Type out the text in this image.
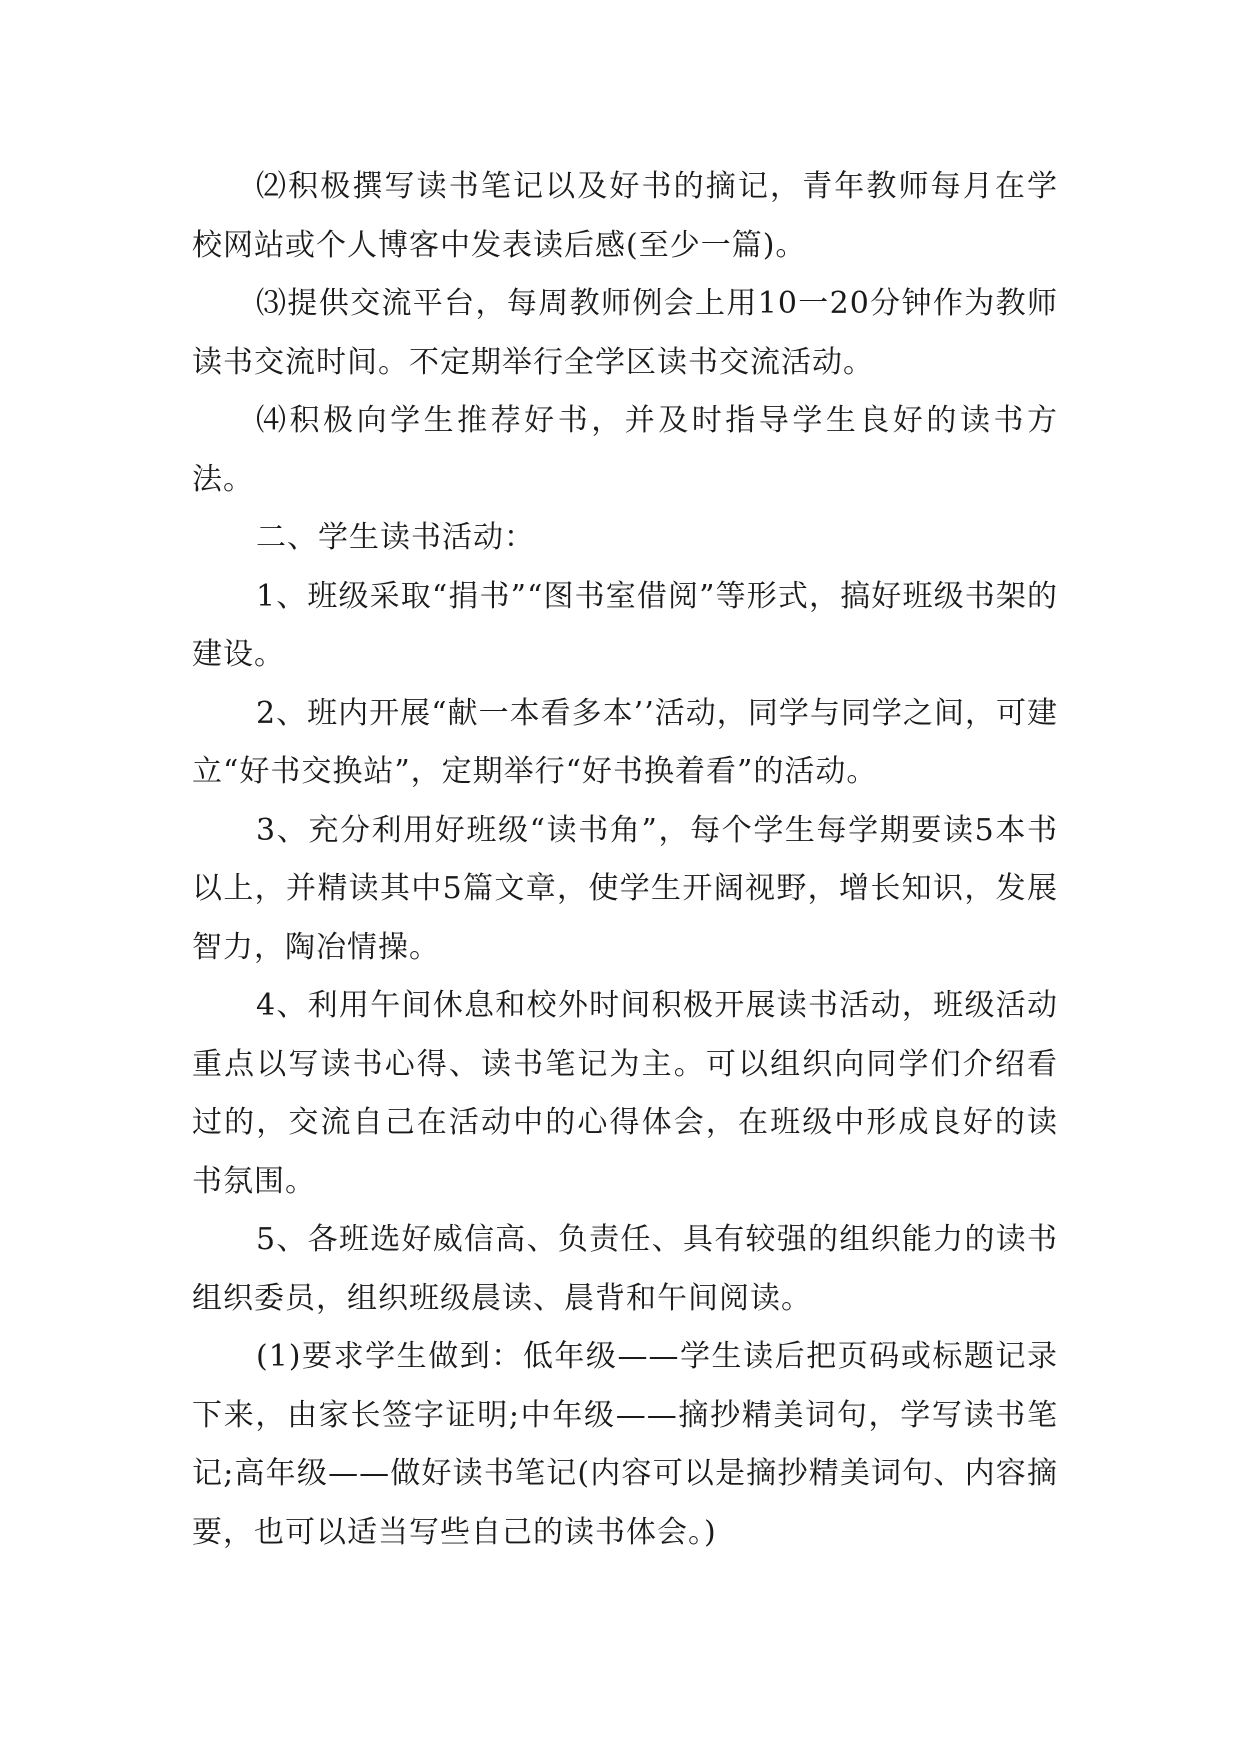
⑵积极撰写读书笔记以及好书的摘记，青年教师每月在学校网站或个人博客中发表读后感(至少一篇)。

⑶提供交流平台，每周教师例会上用10一20分钟作为教师读书交流时间。不定期举行全学区读书交流活动。

⑷积极向学生推荐好书，并及时指导学生良好的读书方法。

二、学生读书活动：

1、班级采取“捐书”“图书室借阅”等形式，搞好班级书架的建设。

2、班内开展“献一本看多本’’活动，同学与同学之间，可建立“好书交换站”，定期举行“好书换着看”的活动。

3、充分利用好班级“读书角”，每个学生每学期要读5本书以上，并精读其中5篇文章，使学生开阔视野，增长知识，发展智力，陶冶情操。

4、利用午间休息和校外时间积极开展读书活动，班级活动重点以写读书心得、读书笔记为主。可以组织向同学们介绍看过的，交流自己在活动中的心得体会，在班级中形成良好的读书氛围。

5、各班选好威信高、负责任、具有较强的组织能力的读书组织委员，组织班级晨读、晨背和午间阅读。

(1)要求学生做到：低年级——学生读后把页码或标题记录下来，由家长签字证明;中年级——摘抄精美词句，学写读书笔记;高年级——做好读书笔记(内容可以是摘抄精美词句、内容摘要，也可以适当写些自己的读书体会。)
